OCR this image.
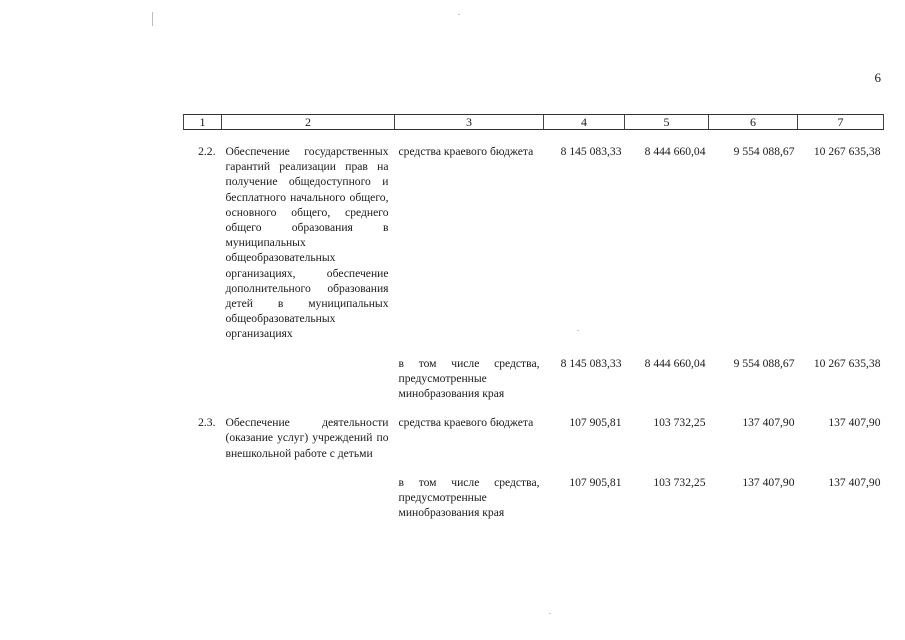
6
1	2	3	4	5	6	7

2.2.	Обеспечение государственных гарантий реализации прав на получение общедоступного и бесплатного начального общего, основного общего, среднего общего образования в муниципальных общеобразовательных организациях, обеспечение дополнительного образования детей в муниципальных общеобразовательных организациях	средства краевого бюджета	8 145 083,33	8 444 660,04	9 554 088,67	10 267 635,38

		в том числе средства, предусмотренные минобразования края	8 145 083,33	8 444 660,04	9 554 088,67	10 267 635,38

2.3.	Обеспечение деятельности (оказание услуг) учреждений по внешкольной работе с детьми	средства краевого бюджета	107 905,81	103 732,25	137 407,90	137 407,90

		в том числе средства, предусмотренные минобразования края	107 905,81	103 732,25	137 407,90	137 407,90
